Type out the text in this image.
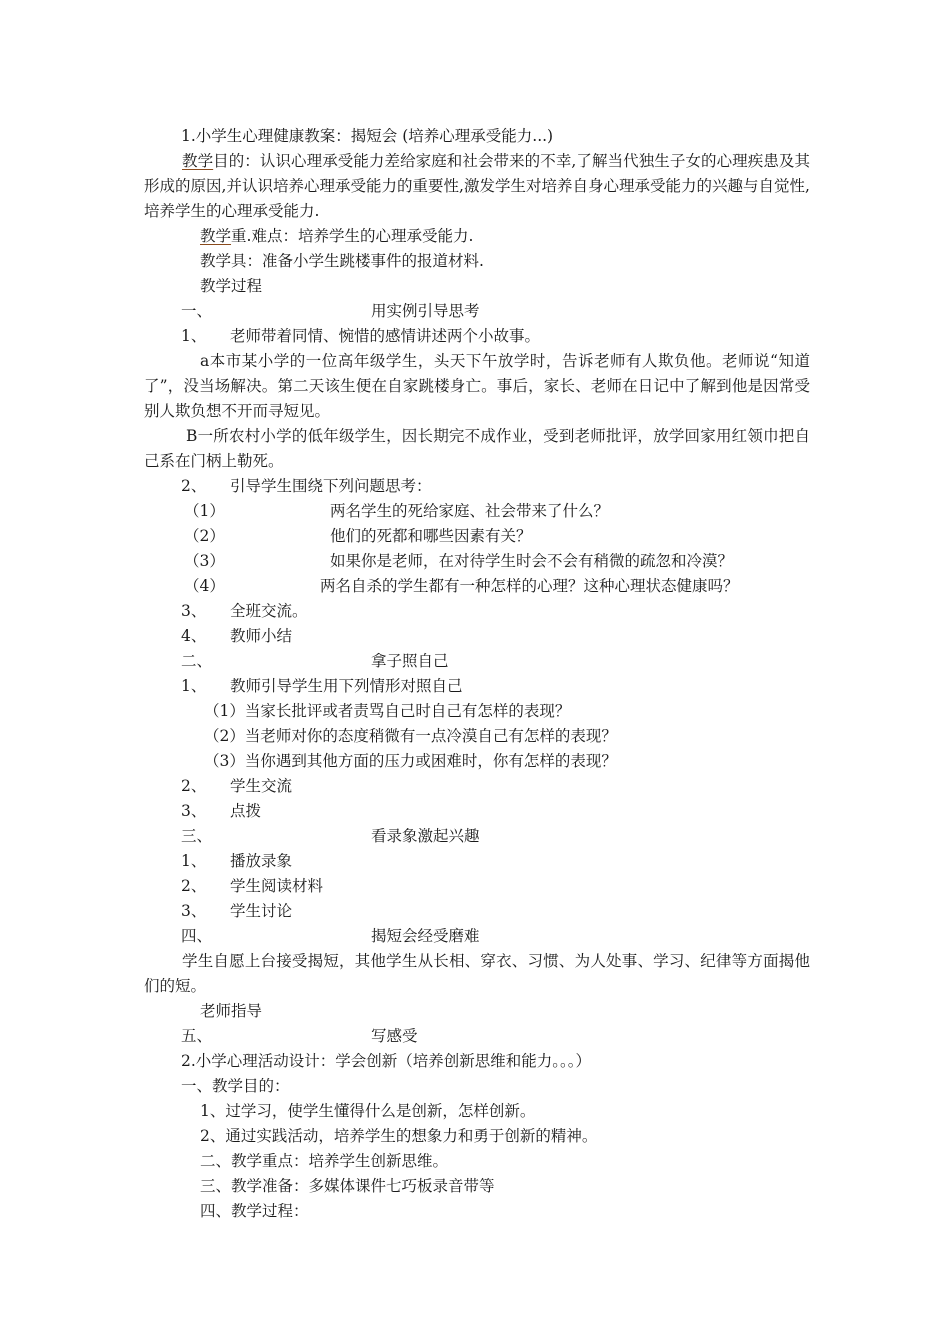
1.小学生心理健康教案：揭短会 (培养心理承受能力...)
教学目的：认识心理承受能力差给家庭和社会带来的不幸,了解当代独生子女的心理疾患及其形成的原因,并认识培养心理承受能力的重要性,激发学生对培养自身心理承受能力的兴趣与自觉性,培养学生的心理承受能力.
教学重.难点：培养学生的心理承受能力.
教学具：准备小学生跳楼事件的报道材料.
教学过程
一、	用实例引导思考
1、 老师带着同情、惋惜的感情讲述两个小故事。
a本市某小学的一位高年级学生，头天下午放学时，告诉老师有人欺负他。老师说“知道了”，没当场解决。第二天该生便在自家跳楼身亡。事后，家长、老师在日记中了解到他是因常受别人欺负想不开而寻短见。
B一所农村小学的低年级学生，因长期完不成作业，受到老师批评，放学回家用红领巾把自己系在门柄上勒死。
2、 引导学生围绕下列问题思考：
（1）	两名学生的死给家庭、社会带来了什么？
（2）	他们的死都和哪些因素有关？
（3）	如果你是老师，在对待学生时会不会有稍微的疏忽和冷漠？
（4）	两名自杀的学生都有一种怎样的心理？这种心理状态健康吗？
3、 全班交流。
4、 教师小结
二、	拿子照自己
1、 教师引导学生用下列情形对照自己
（1）当家长批评或者责骂自己时自己有怎样的表现？
（2）当老师对你的态度稍微有一点冷漠自己有怎样的表现？
（3）当你遇到其他方面的压力或困难时，你有怎样的表现？
2、 学生交流
3、 点拨
三、	看录象激起兴趣
1、 播放录象
2、 学生阅读材料
3、 学生讨论
四、	揭短会经受磨难
学生自愿上台接受揭短，其他学生从长相、穿衣、习惯、为人处事、学习、纪律等方面揭他们的短。
老师指导
五、	写感受
2.小学心理活动设计：学会创新（培养创新思维和能力。。。）
一、教学目的：
1、过学习，使学生懂得什么是创新，怎样创新。
2、通过实践活动，培养学生的想象力和勇于创新的精神。
二、教学重点：培养学生创新思维。
三、教学准备：多媒体课件七巧板录音带等
四、教学过程：
